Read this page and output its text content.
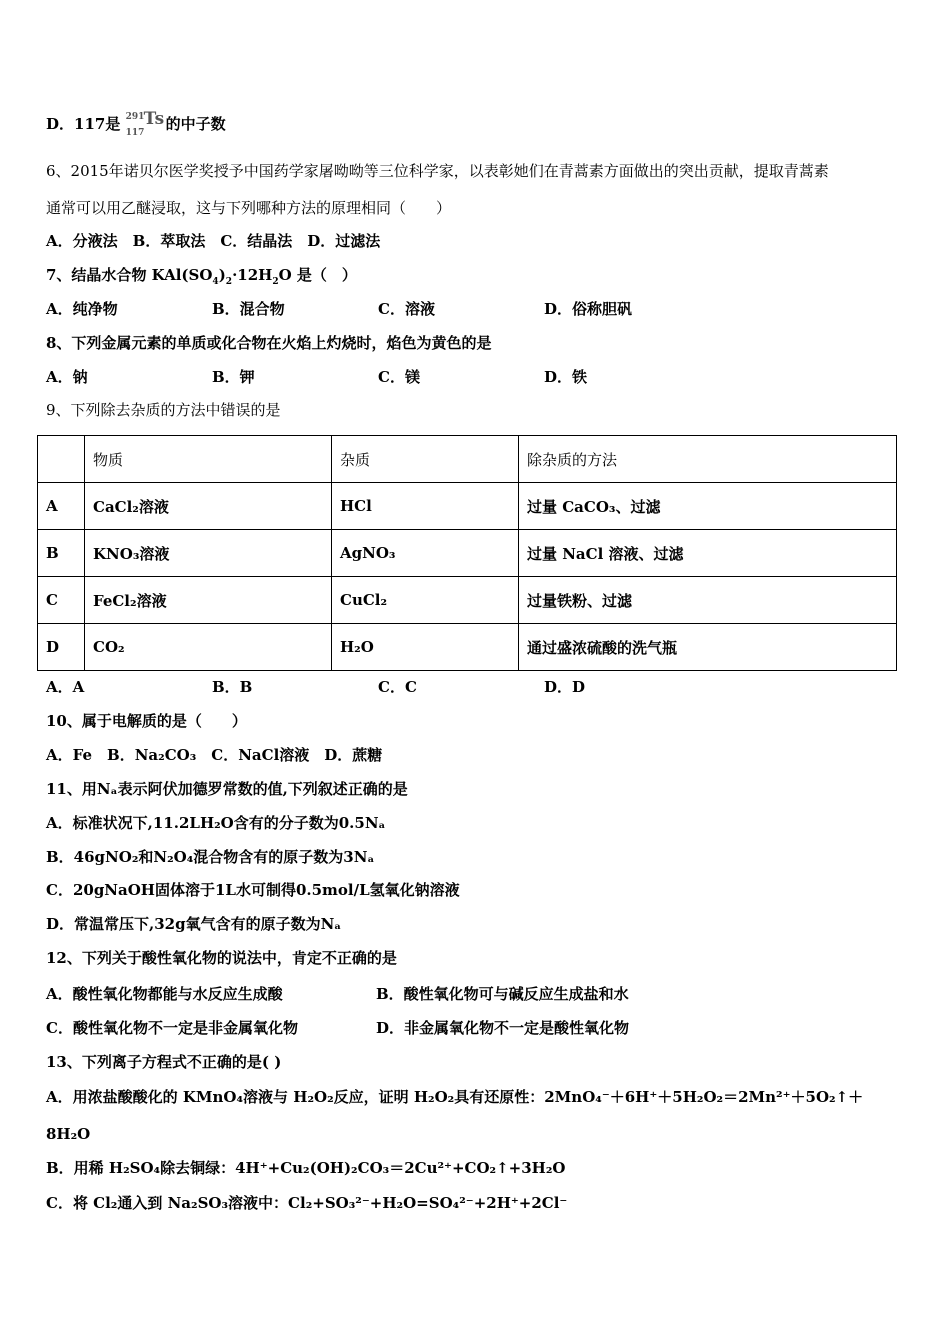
D．117是 291
117
Ts 的中子数
6、2015年诺贝尔医学奖授予中国药学家屠呦呦等三位科学家，以表彰她们在青蒿素方面做出的突出贡献，提取青蒿素
通常可以用乙醚浸取，这与下列哪种方法的原理相同（　　）
A．分液法　B．萃取法　C．结晶法　D．过滤法
7、结晶水合物 $KAl(SO_4)_2\cdot 12H_2O$ 是（　）
A．纯净物	B．混合物	C．溶液	D．俗称胆矾
8、下列金属元素的单质或化合物在火焰上灼烧时，焰色为黄色的是
A．钠	B．钾	C．镁	D．铁
9、下列除去杂质的方法中错误的是
	物质	杂质	除杂质的方法
A	CaCl₂溶液	HCl	过量 CaCO₃、过滤
B	KNO₃溶液	AgNO₃	过量 NaCl 溶液、过滤
C	FeCl₂溶液	CuCl₂	过量铁粉、过滤
D	CO₂	H₂O	通过盛浓硫酸的洗气瓶
A．A	B．B	C．C	D．D
10、属于电解质的是（　　）
A．Fe　B．Na₂CO₃　C．NaCl溶液　D．蔗糖
11、用Nₐ表示阿伏加德罗常数的值,下列叙述正确的是
A．标准状况下,11.2LH₂O含有的分子数为0.5Nₐ
B．46gNO₂和N₂O₄混合物含有的原子数为3Nₐ
C．20gNaOH固体溶于1L水可制得0.5mol/L氢氧化钠溶液
D．常温常压下,32g氧气含有的原子数为Nₐ
12、下列关于酸性氧化物的说法中，肯定不正确的是
A．酸性氧化物都能与水反应生成酸	B．酸性氧化物可与碱反应生成盐和水
C．酸性氧化物不一定是非金属氧化物	D．非金属氧化物不一定是酸性氧化物
13、下列离子方程式不正确的是( )
A．用浓盐酸酸化的 KMnO₄溶液与 H₂O₂反应，证明 H₂O₂具有还原性：2MnO₄⁻＋6H⁺＋5H₂O₂＝2Mn²⁺＋5O₂↑＋
8H₂O
B．用稀 H₂SO₄除去铜绿：4H⁺+Cu₂(OH)₂CO₃＝2Cu²⁺+CO₂↑+3H₂O
C．将 Cl₂通入到 Na₂SO₃溶液中：Cl₂+SO₃²⁻+H₂O=SO₄²⁻+2H⁺+2Cl⁻
